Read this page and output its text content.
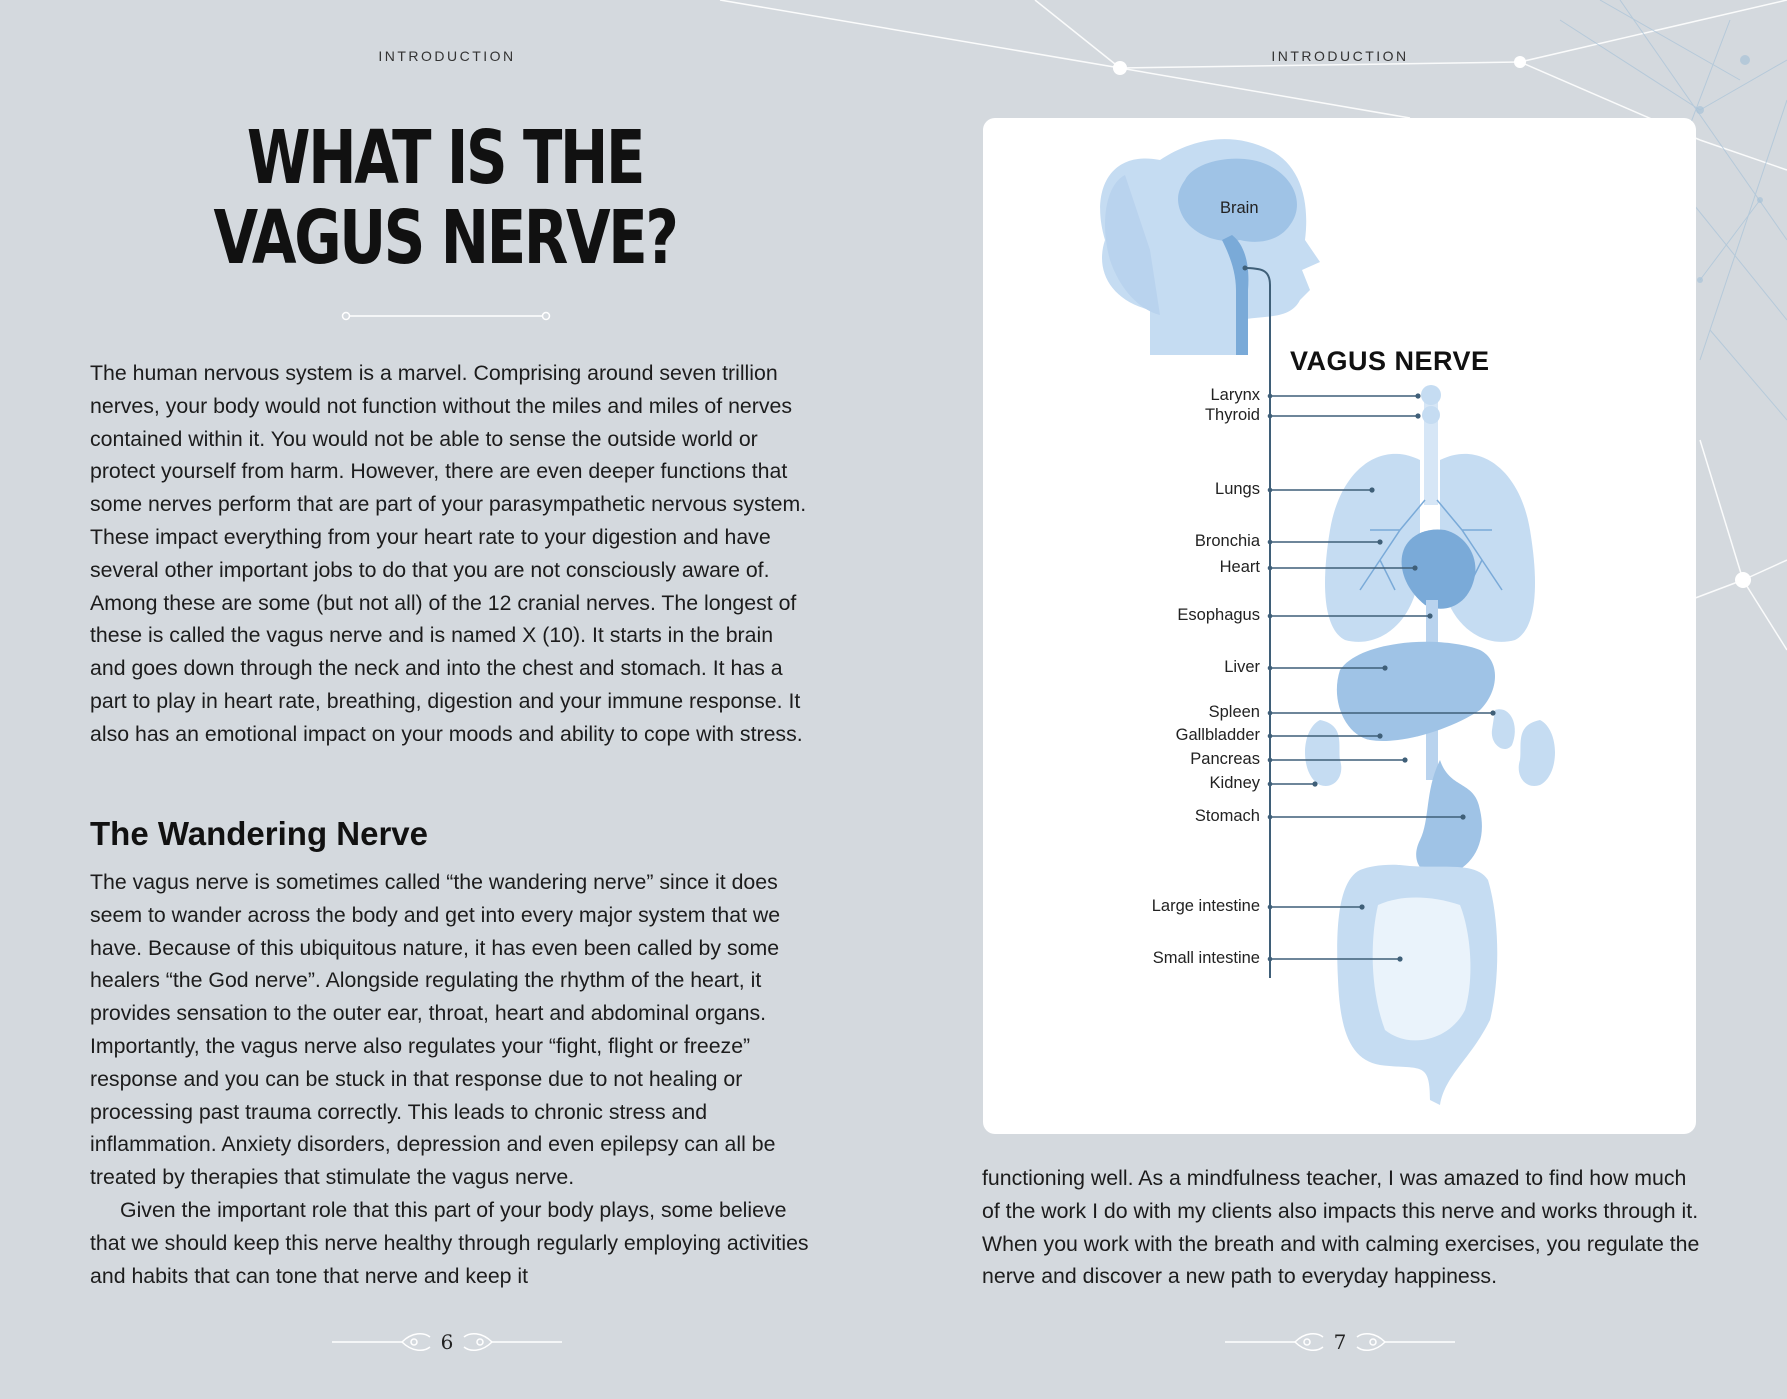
INTRODUCTION
WHAT IS THE
VAGUS NERVE?

The human nervous system is a marvel. Comprising around seven trillion nerves, your body would not function without the miles and miles of nerves contained within it. You would not be able to sense the outside world or protect yourself from harm. However, there are even deeper functions that some nerves perform that are part of your parasympathetic nervous system. These impact everything from your heart rate to your digestion and have several other important jobs to do that you are not consciously aware of. Among these are some (but not all) of the 12 cranial nerves. The longest of these is called the vagus nerve and is named X (10). It starts in the brain and goes down through the neck and into the chest and stomach. It has a part to play in heart rate, breathing, digestion and your immune response. It also has an emotional impact on your moods and ability to cope with stress.

The Wandering Nerve

The vagus nerve is sometimes called “the wandering nerve” since it does seem to wander across the body and get into every major system that we have. Because of this ubiquitous nature, it has even been called by some healers “the God nerve”. Alongside regulating the rhythm of the heart, it provides sensation to the outer ear, throat, heart and abdominal organs. Importantly, the vagus nerve also regulates your “fight, flight or freeze” response and you can be stuck in that response due to not healing or processing past trauma correctly. This leads to chronic stress and inflammation. Anxiety disorders, depression and even epilepsy can all be treated by therapies that stimulate the vagus nerve.

Given the important role that this part of your body plays, some believe that we should keep this nerve healthy through regularly employing activities and habits that can tone that nerve and keep it

6
INTRODUCTION
Brain
VAGUS NERVE
Larynx
Thyroid
Lungs
Bronchia
Heart
Esophagus
Liver
Spleen
Gallbladder
Pancreas
Kidney
Stomach
Large intestine
Small intestine

functioning well. As a mindfulness teacher, I was amazed to find how much of the work I do with my clients also impacts this nerve and works through it. When you work with the breath and with calming exercises, you regulate the nerve and discover a new path to everyday happiness.

7
